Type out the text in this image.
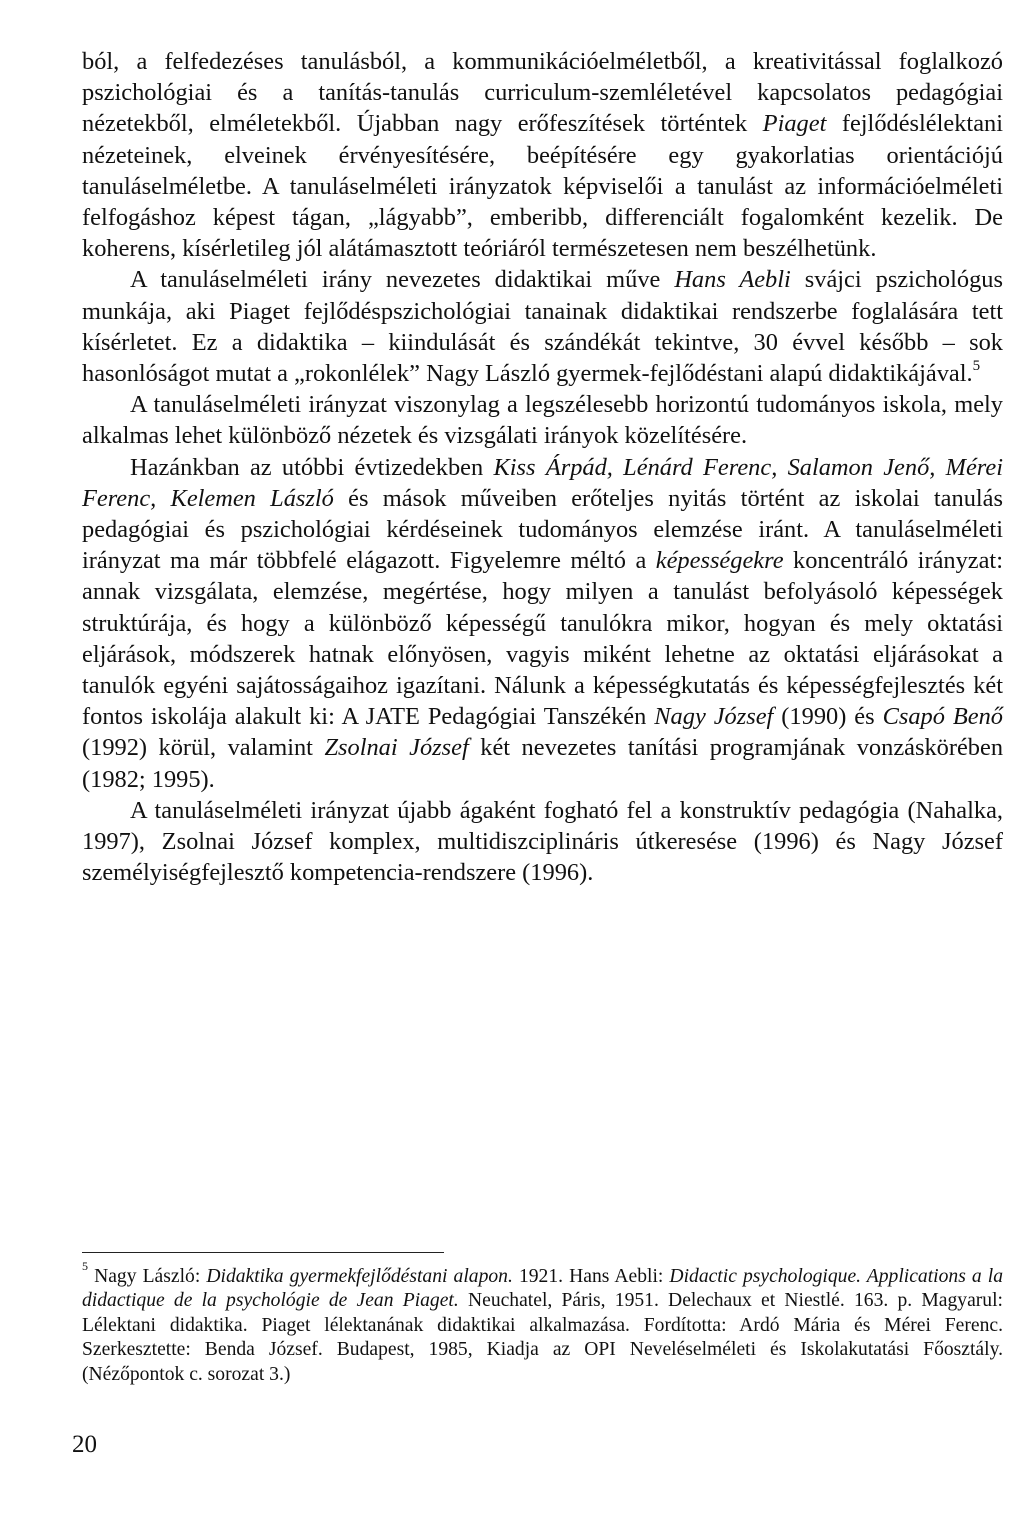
ból, a felfedezéses tanulásból, a kommunikációelméletből, a kreativitással foglalkozó pszichológiai és a tanítás-tanulás curriculum-szemléletével kapcsolatos pedagógiai nézetekből, elméletekből. Újabban nagy erőfeszítések történtek Piaget fejlődéslélektani nézeteinek, elveinek érvényesítésére, beépítésére egy gyakorlatias orientációjú tanuláselméletbe. A tanuláselméleti irányzatok képviselői a tanulást az információelméleti felfogáshoz képest tágan, „lágyabb”, emberibb, differenciált fogalomként kezelik. De koherens, kísérletileg jól alátámasztott teóriáról természetesen nem beszélhetünk.

A tanuláselméleti irány nevezetes didaktikai műve Hans Aebli svájci pszichológus munkája, aki Piaget fejlődéspszichológiai tanainak didaktikai rendszerbe foglalására tett kísérletet. Ez a didaktika – kiindulását és szándékát tekintve, 30 évvel később – sok hasonlóságot mutat a „rokonlélek” Nagy László gyermek-fejlődéstani alapú didaktikájával.$^5$

A tanuláselméleti irányzat viszonylag a legszélesebb horizontú tudományos iskola, mely alkalmas lehet különböző nézetek és vizsgálati irányok közelítésére.

Hazánkban az utóbbi évtizedekben Kiss Árpád, Lénárd Ferenc, Salamon Jenő, Mérei Ferenc, Kelemen László és mások műveiben erőteljes nyitás történt az iskolai tanulás pedagógiai és pszichológiai kérdéseinek tudományos elemzése iránt. A tanuláselméleti irányzat ma már többfelé elágazott. Figyelemre méltó a képességekre koncentráló irányzat: annak vizsgálata, elemzése, megértése, hogy milyen a tanulást befolyásoló képességek struktúrája, és hogy a különböző képességű tanulókra mikor, hogyan és mely oktatási eljárások, módszerek hatnak előnyösen, vagyis miként lehetne az oktatási eljárásokat a tanulók egyéni sajátosságaihoz igazítani. Nálunk a képességkutatás és képességfejlesztés két fontos iskolája alakult ki: A JATE Pedagógiai Tanszékén Nagy József (1990) és Csapó Benő (1992) körül, valamint Zsolnai József két nevezetes tanítási programjának vonzáskörében (1982; 1995).

A tanuláselméleti irányzat újabb ágaként fogható fel a konstruktív pedagógia (Nahalka, 1997), Zsolnai József komplex, multidiszciplináris útkeresése (1996) és Nagy József személyiségfejlesztő kompetencia-rendszere (1996).

$^5$ Nagy László: Didaktika gyermekfejlődéstani alapon. 1921. Hans Aebli: Didactic psychologique. Applications a la didactique de la psychológie de Jean Piaget. Neuchatel, Páris, 1951. Delechaux et Niestlé. 163. p. Magyarul: Lélektani didaktika. Piaget lélektanának didaktikai alkalmazása. Fordította: Ardó Mária és Mérei Ferenc. Szerkesztette: Benda József. Budapest, 1985, Kiadja az OPI Neveléselméleti és Iskolakutatási Főosztály. (Nézőpontok c. sorozat 3.)

20
